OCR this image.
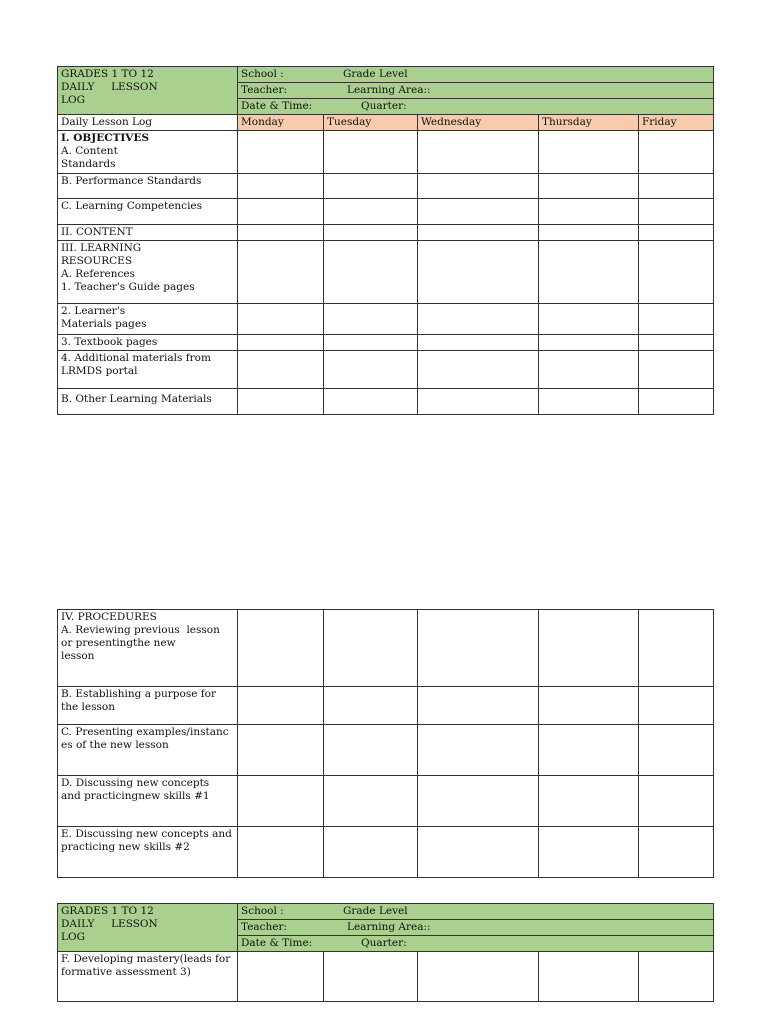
GRADES 1 TO 12
DAILY     LESSON
LOG	School : Grade Level				

	Teacher: Learning Area::				

	Date & Time: Quarter:				

Daily Lesson Log	Monday	Tuesday	Wednesday	Thursday	Friday

I. OBJECTIVES
A. Content
Standards					

B. Performance Standards					

C. Learning Competencies					

II. CONTENT					

III. LEARNING
RESOURCES
A. References
1. Teacher's Guide pages					

2. Learner's
Materials pages					

3. Textbook pages					

4. Additional materials from
LRMDS portal					

B. Other Learning Materials					

IV. PROCEDURES
A. Reviewing previous  lesson
or presentingthe new
lesson					

B. Establishing a purpose for
the lesson					

C. Presenting examples/instanc
es of the new lesson					

D. Discussing new concepts
and practicingnew skills #1					

E. Discussing new concepts and
practicing new skills #2					

GRADES 1 TO 12
DAILY     LESSON
LOG	School : Grade Level				

	Teacher: Learning Area::				

	Date & Time: Quarter:				

F. Developing mastery(leads for
formative assessment 3)					
